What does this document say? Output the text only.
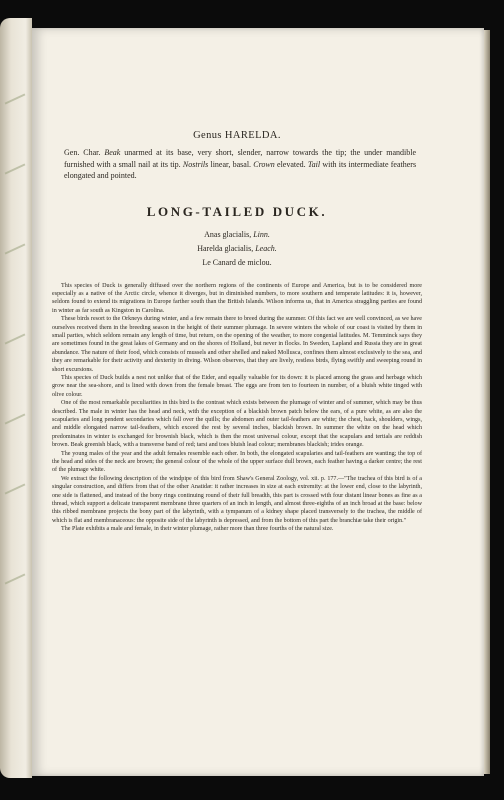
Genus HARELDA.
Gen. Char. Beak unarmed at its base, very short, slender, narrow towards the tip; the under mandible furnished with a small nail at its tip. Nostrils linear, basal. Crown elevated. Tail with its intermediate feathers elongated and pointed.
LONG-TAILED DUCK.

Anas glacialis, Linn.

Harelda glacialis, Leach.

Le Canard de miclou.

This species of Duck is generally diffused over the northern regions of the continents of Europe and America, but is to be considered more especially as a native of the Arctic circle, whence it diverges, but in diminished numbers, to more southern and temperate latitudes: it is, however, seldom found to extend its migrations in Europe farther south than the British Islands. Wilson informs us, that in America straggling parties are found in winter as far south as Kingston in Carolina.

These birds resort to the Orkneys during winter, and a few remain there to breed during the summer. Of this fact we are well convinced, as we have ourselves received them in the breeding season in the height of their summer plumage. In severe winters the whole of our coast is visited by them in small parties, which seldom remain any length of time, but return, on the opening of the weather, to more congenial latitudes. M. Temminck says they are sometimes found in the great lakes of Germany and on the shores of Holland, but never in flocks. In Sweden, Lapland and Russia they are in great abundance. The nature of their food, which consists of mussels and other shelled and naked Mollusca, confines them almost exclusively to the sea, and they are remarkable for their activity and dexterity in diving. Wilson observes, that they are lively, restless birds, flying swiftly and sweeping round in short excursions.

This species of Duck builds a nest not unlike that of the Eider, and equally valuable for its down: it is placed among the grass and herbage which grow near the sea-shore, and is lined with down from the female breast. The eggs are from ten to fourteen in number, of a bluish white tinged with olive colour.

One of the most remarkable peculiarities in this bird is the contrast which exists between the plumage of winter and of summer, which may be thus described. The male in winter has the head and neck, with the exception of a blackish brown patch below the ears, of a pure white, as are also the scapularies and long pendent secondaries which fall over the quills; the abdomen and outer tail-feathers are white; the chest, back, shoulders, wings, and middle elongated narrow tail-feathers, which exceed the rest by several inches, blackish brown. In summer the white on the head which predominates in winter is exchanged for brownish black, which is then the most universal colour, except that the scapulars and tertials are reddish brown. Beak greenish black, with a transverse band of red; tarsi and toes bluish lead colour; membranes blackish; irides orange.

The young males of the year and the adult females resemble each other. In both, the elongated scapularies and tail-feathers are wanting; the top of the head and sides of the neck are brown; the general colour of the whole of the upper surface dull brown, each feather having a darker centre; the rest of the plumage white.

We extract the following description of the windpipe of this bird from Shaw's General Zoology, vol. xii. p. 177.—"The trachea of this bird is of a singular construction, and differs from that of the other Anatidæ: it rather increases in size at each extremity: at the lower end, close to the labyrinth, one side is flattened, and instead of the bony rings continuing round of their full breadth, this part is crossed with four distant linear bones as fine as a thread, which support a delicate transparent membrane three quarters of an inch in length, and almost three-eighths of an inch broad at the base: below this ribbed membrane projects the bony part of the labyrinth, with a tympanum of a kidney shape placed transversely to the trachea, the middle of which is flat and membranaceous: the opposite side of the labyrinth is depressed, and from the bottom of this part the branchiæ take their origin."

The Plate exhibits a male and female, in their winter plumage, rather more than three fourths of the natural size.
